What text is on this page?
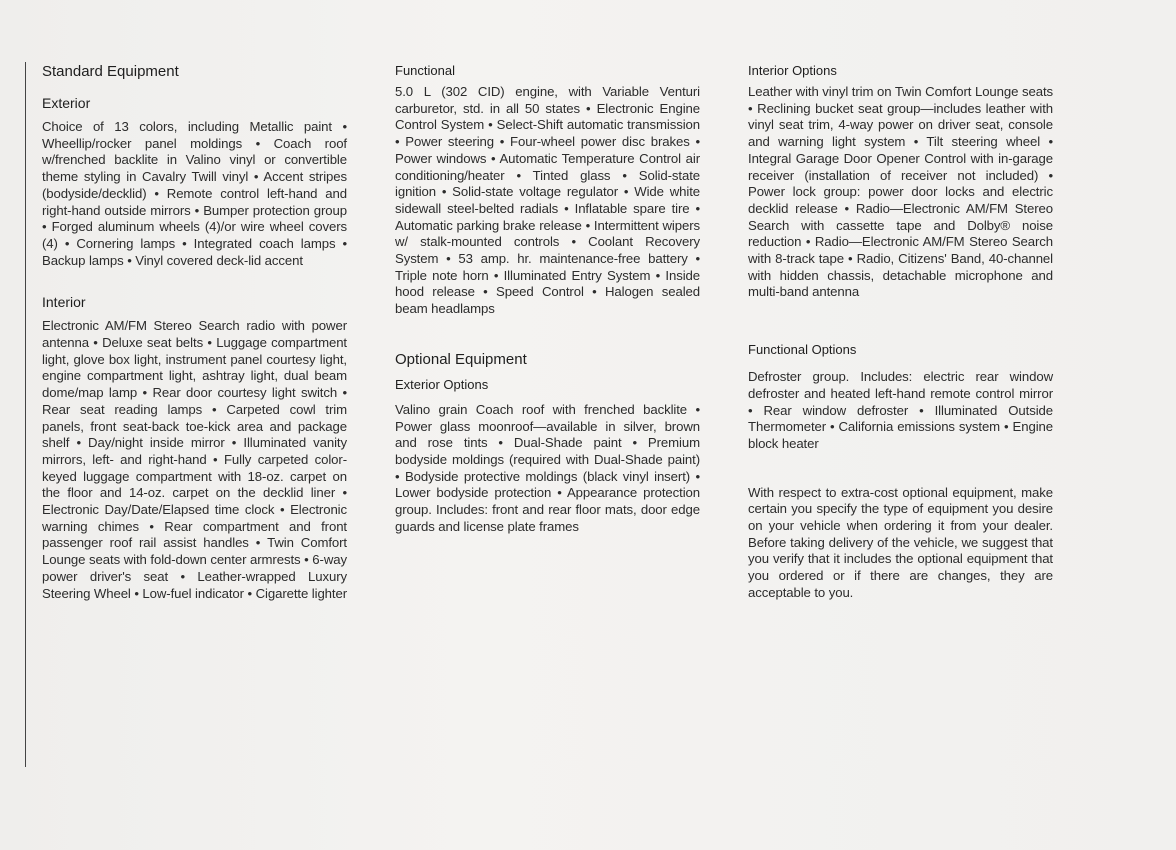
Standard Equipment
Exterior

Choice of 13 colors, including Metallic paint • Wheellip/rocker panel moldings • Coach roof w/frenched backlite in Valino vinyl or convertible theme styling in Cavalry Twill vinyl • Accent stripes (bodyside/decklid) • Remote control left-hand and right-hand outside mirrors • Bumper protection group • Forged aluminum wheels (4)/or wire wheel covers (4) • Cornering lamps • Integrated coach lamps • Backup lamps • Vinyl covered deck-lid accent

Interior

Electronic AM/FM Stereo Search radio with power antenna • Deluxe seat belts • Luggage compartment light, glove box light, instrument panel courtesy light, engine compartment light, ashtray light, dual beam dome/map lamp • Rear door courtesy light switch • Rear seat reading lamps • Carpeted cowl trim panels, front seat-back toe-kick area and package shelf • Day/night inside mirror • Illuminated vanity mirrors, left- and right-hand • Fully carpeted color-keyed luggage compartment with 18-oz. carpet on the floor and 14-oz. carpet on the decklid liner • Electronic Day/Date/Elapsed time clock • Electronic warning chimes • Rear compartment and front passenger roof rail assist handles • Twin Comfort Lounge seats with fold-down center armrests • 6-way power driver's seat • Leather-wrapped Luxury Steering Wheel • Low-fuel indicator • Cigarette lighter

Functional

5.0 L (302 CID) engine, with Variable Venturi carburetor, std. in all 50 states • Electronic Engine Control System • Select-Shift automatic transmission • Power steering • Four-wheel power disc brakes • Power windows • Automatic Temperature Control air conditioning/heater • Tinted glass • Solid-state ignition • Solid-state voltage regulator • Wide white sidewall steel-belted radials • Inflatable spare tire • Automatic parking brake release • Intermittent wipers w/ stalk-mounted controls • Coolant Recovery System • 53 amp. hr. maintenance-free battery • Triple note horn • Illuminated Entry System • Inside hood release • Speed Control • Halogen sealed beam headlamps

Optional Equipment
Exterior Options

Valino grain Coach roof with frenched backlite • Power glass moonroof—available in silver, brown and rose tints • Dual-Shade paint • Premium bodyside moldings (required with Dual-Shade paint) • Bodyside protective moldings (black vinyl insert) • Lower bodyside protection • Appearance protection group. Includes: front and rear floor mats, door edge guards and license plate frames

Interior Options

Leather with vinyl trim on Twin Comfort Lounge seats • Reclining bucket seat group—includes leather with vinyl seat trim, 4-way power on driver seat, console and warning light system • Tilt steering wheel • Integral Garage Door Opener Control with in-garage receiver (installation of receiver not included) • Power lock group: power door locks and electric decklid release • Radio—Electronic AM/FM Stereo Search with cassette tape and Dolby® noise reduction • Radio—Electronic AM/FM Stereo Search with 8-track tape • Radio, Citizens' Band, 40-channel with hidden chassis, detachable microphone and multi-band antenna

Functional Options

Defroster group. Includes: electric rear window defroster and heated left-hand remote control mirror • Rear window defroster • Illuminated Outside Thermometer • California emissions system • Engine block heater

With respect to extra-cost optional equipment, make certain you specify the type of equipment you desire on your vehicle when ordering it from your dealer. Before taking delivery of the vehicle, we suggest that you verify that it includes the optional equipment that you ordered or if there are changes, they are acceptable to you.
